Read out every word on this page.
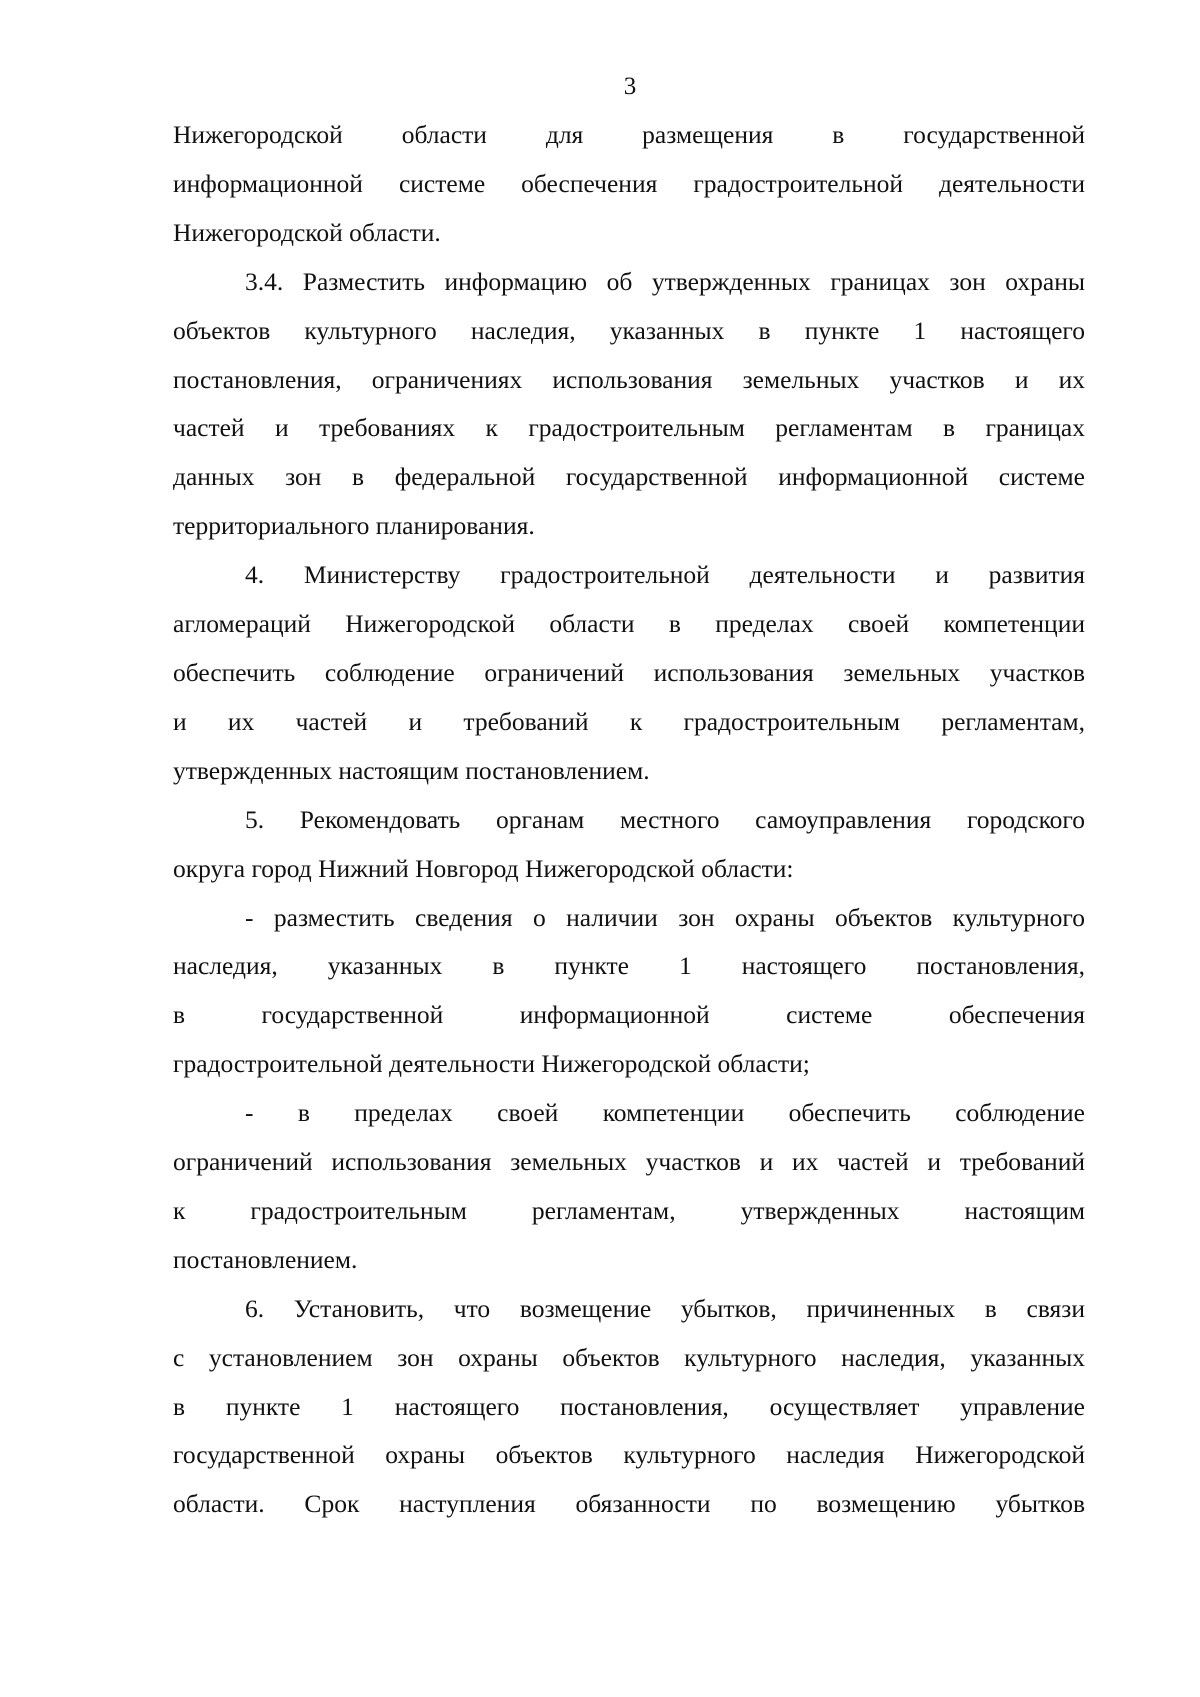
3
Нижегородской области для размещения в государственной
информационной системе обеспечения градостроительной деятельности
Нижегородской области.
3.4. Разместить информацию об утвержденных границах зон охраны
объектов культурного наследия, указанных в пункте 1 настоящего
постановления, ограничениях использования земельных участков и их
частей и требованиях к градостроительным регламентам в границах
данных зон в федеральной государственной информационной системе
территориального планирования.
4. Министерству градостроительной деятельности и развития
агломераций Нижегородской области в пределах своей компетенции
обеспечить соблюдение ограничений использования земельных участков
и их частей и требований к градостроительным регламентам,
утвержденных настоящим постановлением.
5. Рекомендовать органам местного самоуправления городского
округа город Нижний Новгород Нижегородской области:
- разместить сведения о наличии зон охраны объектов культурного
наследия, указанных в пункте 1 настоящего постановления,
в государственной информационной системе обеспечения
градостроительной деятельности Нижегородской области;
- в пределах своей компетенции обеспечить соблюдение
ограничений использования земельных участков и их частей и требований
к градостроительным регламентам, утвержденных настоящим
постановлением.
6. Установить, что возмещение убытков, причиненных в связи
с установлением зон охраны объектов культурного наследия, указанных
в пункте 1 настоящего постановления, осуществляет управление
государственной охраны объектов культурного наследия Нижегородской
области. Срок наступления обязанности по возмещению убытков
